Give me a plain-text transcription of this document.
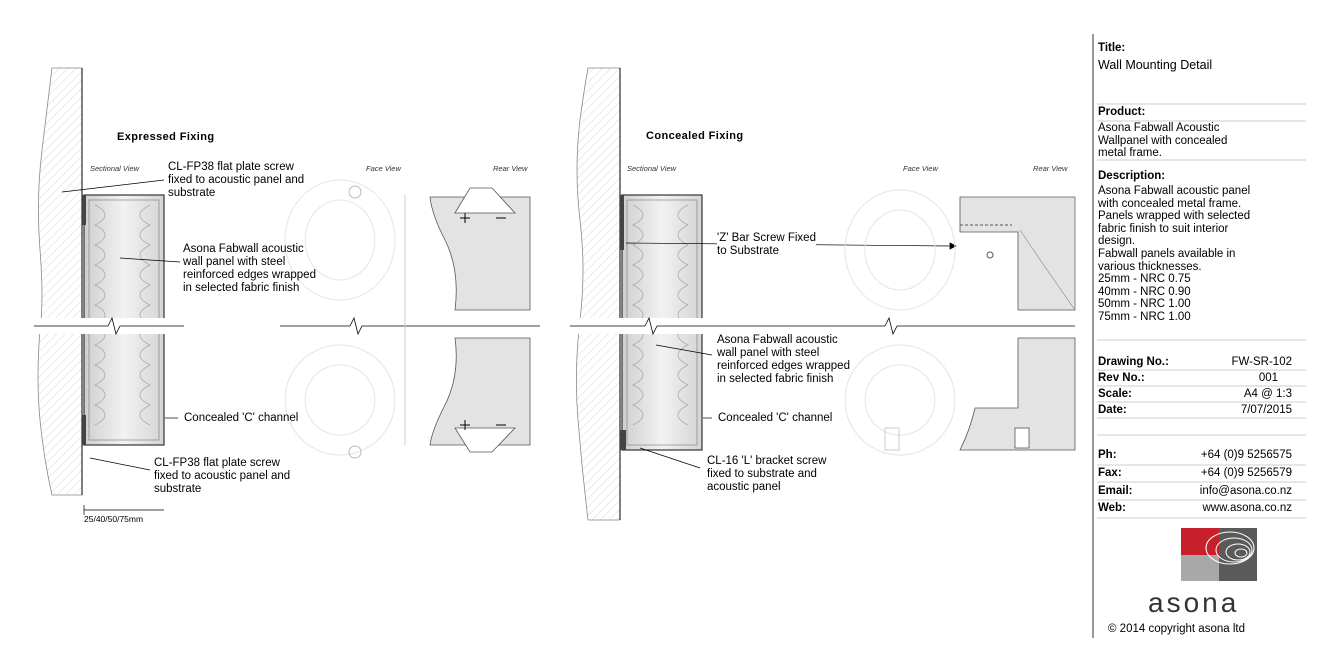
Expressed Fixing
Sectional View	Face View	Rear View
CL-FP38 flat plate screw
fixed to acoustic panel and
substrate
Asona Fabwall acoustic
wall panel with steel
reinforced edges wrapped
in selected fabric finish
Concealed 'C' channel
CL-FP38 flat plate screw
fixed to acoustic panel and
substrate
25/40/50/75mm
Concealed Fixing
Sectional View	Face View	Rear View
'Z' Bar Screw Fixed
to Substrate
Asona Fabwall acoustic
wall panel with steel
reinforced edges wrapped
in selected fabric finish
Concealed 'C' channel
CL-16 'L' bracket screw
fixed to substrate and
acoustic panel
Title:
Wall Mounting Detail
Product:
Asona Fabwall Acoustic
Wallpanel with concealed
metal frame.
Description:
Asona Fabwall acoustic panel
with concealed metal frame.
Panels wrapped with selected
fabric finish to suit interior
design.
Fabwall panels available in
various thicknesses.
25mm - NRC 0.75
40mm - NRC 0.90
50mm - NRC 1.00
75mm - NRC 1.00
Drawing No.:	FW-SR-102
Rev No.:	001
Scale:	A4 @ 1:3
Date:	7/07/2015
Ph:	+64 (0)9 5256575
Fax:	+64 (0)9 5256579
Email:	info@asona.co.nz
Web:	www.asona.co.nz
asona
© 2014 copyright asona ltd
